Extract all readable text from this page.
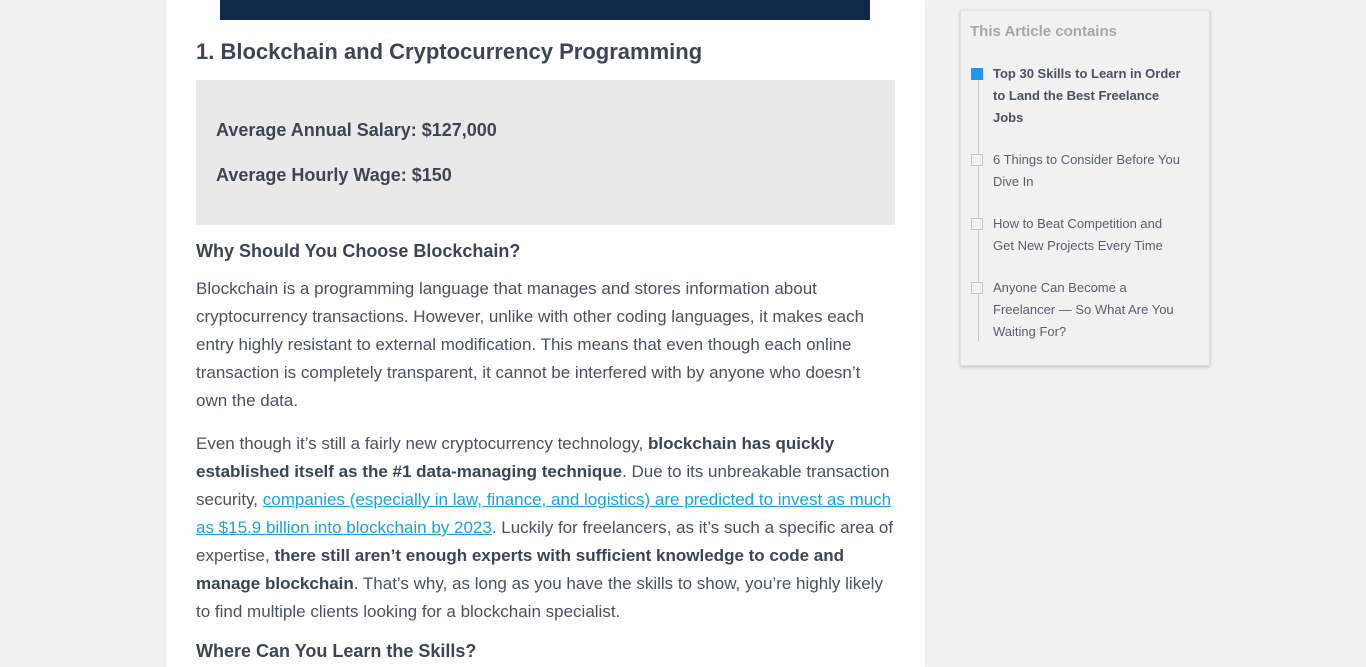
1. Blockchain and Cryptocurrency Programming

Average Annual Salary: $127,000

Average Hourly Wage: $150

Why Should You Choose Blockchain?

Blockchain is a programming language that manages and stores information about cryptocurrency transactions. However, unlike with other coding languages, it makes each entry highly resistant to external modification. This means that even though each online transaction is completely transparent, it cannot be interfered with by anyone who doesn’t own the data.

Even though it’s still a fairly new cryptocurrency technology, blockchain has quickly established itself as the #1 data-managing technique. Due to its unbreakable transaction security, companies (especially in law, finance, and logistics) are predicted to invest as much as $15.9 billion into blockchain by 2023. Luckily for freelancers, as it’s such a specific area of expertise, there still aren’t enough experts with sufficient knowledge to code and manage blockchain. That’s why, as long as you have the skills to show, you’re highly likely to find multiple clients looking for a blockchain specialist.

Where Can You Learn the Skills?
This Article contains
Top 30 Skills to Learn in Order to Land the Best Freelance Jobs
6 Things to Consider Before You Dive In
How to Beat Competition and Get New Projects Every Time
Anyone Can Become a Freelancer — So What Are You Waiting For?
